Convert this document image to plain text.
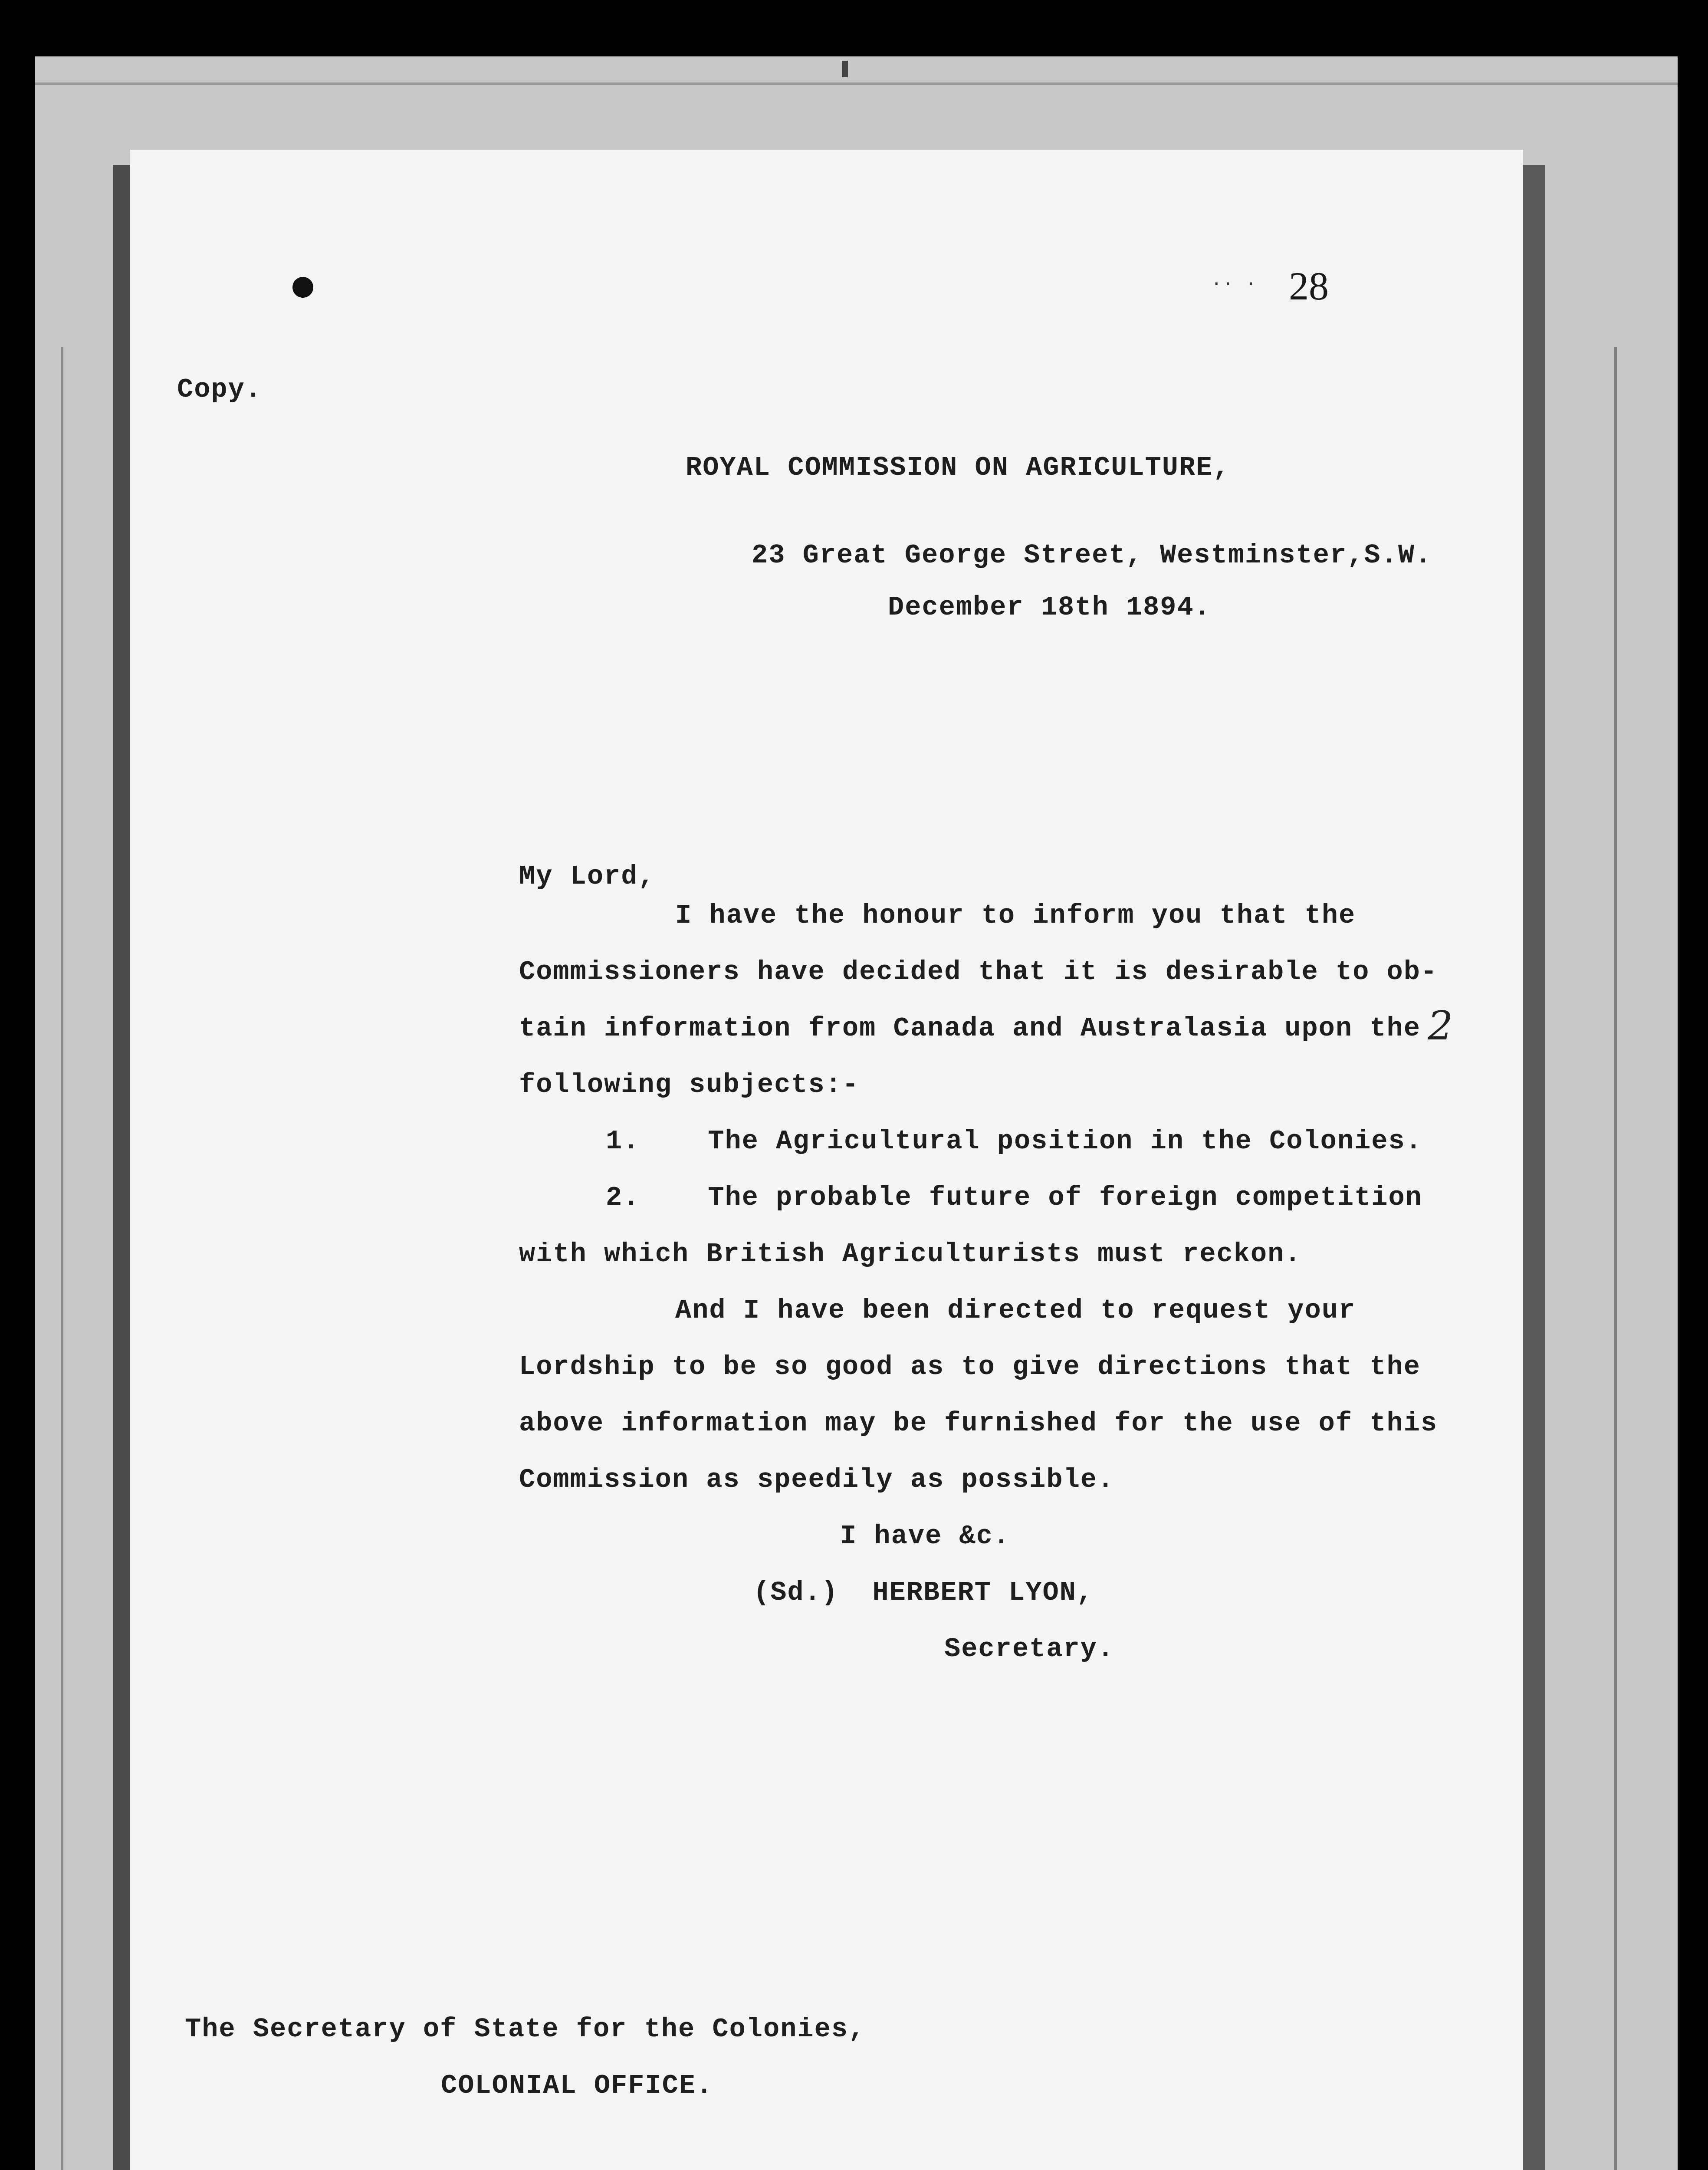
·· · 28
Copy.
ROYAL COMMISSION ON AGRICULTURE,
23 Great George Street, Westminster,S.W.
December 18th 1894.
My Lord,
I have the honour to inform you that the
Commissioners have decided that it is desirable to ob-
tain information from Canada and Australasia upon the
following subjects:-
1.    The Agricultural position in the Colonies.
2.    The probable future of foreign competition
with which British Agriculturists must reckon.
And I have been directed to request your
Lordship to be so good as to give directions that the
above information may be furnished for the use of this
Commission as speedily as possible.
2
I have &c.
(Sd.)  HERBERT LYON,
Secretary.
The Secretary of State for the Colonies,
COLONIAL OFFICE.
